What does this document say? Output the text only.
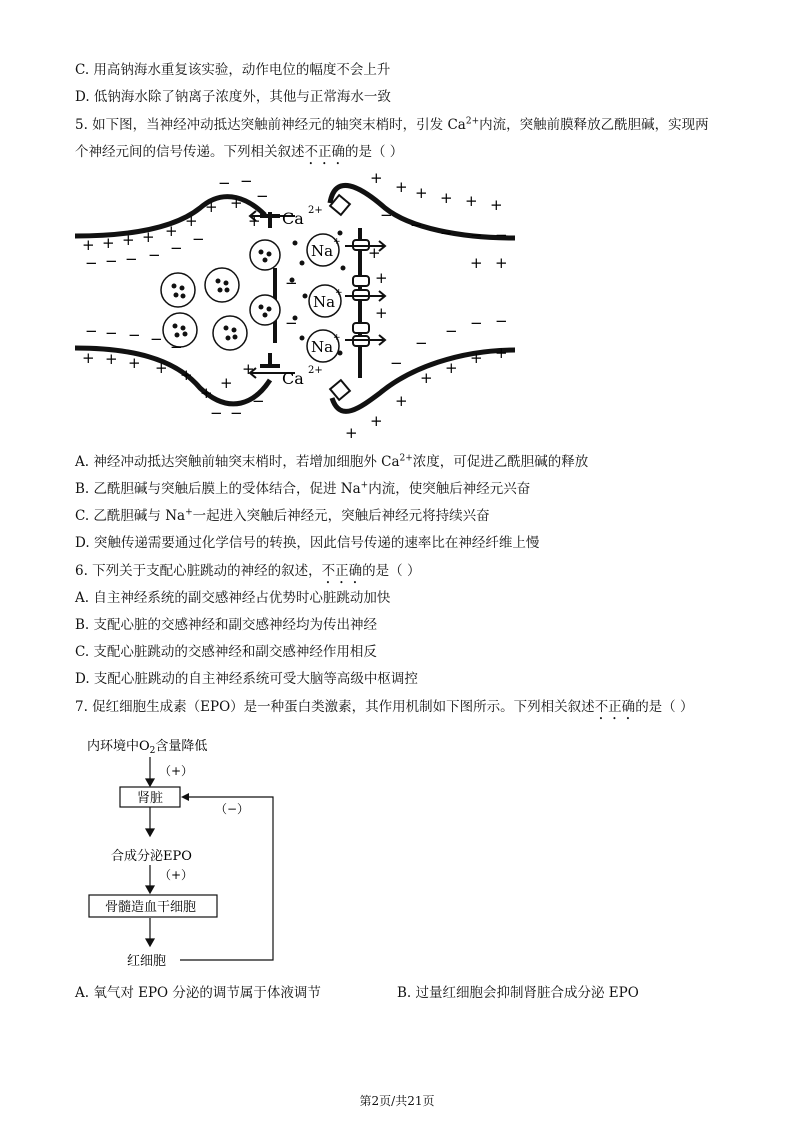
C. 用高钠海水重复该实验，动作电位的幅度不会上升
D. 低钠海水除了钠离子浓度外，其他与正常海水一致
5. 如下图，当神经冲动抵达突触前神经元的轴突末梢时，引发 $Ca^{2+}$内流，突触前膜释放乙酰胆碱，实现两
个神经元间的信号传递。下列相关叙述不正确的是（ ）
Ca 2+
Ca 2+
Na +
Na +
Na +
+ + + + +
+
+
− − − − − −
− −
−
+
+
− − − − −
+ + + + +
+
− −
−
+
+
+ + + + + +
−
− − − −
+
+
−
−
−
−
−
+
+
+
+
+
+
+
+
+
−
−
+
A. 神经冲动抵达突触前轴突末梢时，若增加细胞外 $Ca^{2+}$浓度，可促进乙酰胆碱的释放
B. 乙酰胆碱与突触后膜上的受体结合，促进 Na+内流，使突触后神经元兴奋
C. 乙酰胆碱与 Na+一起进入突触后神经元，突触后神经元将持续兴奋
D. 突触传递需要通过化学信号的转换，因此信号传递的速率比在神经纤维上慢
6. 下列关于支配心脏跳动的神经的叙述，不正确的是（ ）
A. 自主神经系统的副交感神经占优势时心脏跳动加快
B. 支配心脏的交感神经和副交感神经均为传出神经
C. 支配心脏跳动的交感神经和副交感神经作用相反
D. 支配心脏跳动的自主神经系统可受大脑等高级中枢调控
7. 促红细胞生成素（EPO）是一种蛋白类激素，其作用机制如下图所示。下列相关叙述不正确的是（ ）
内环境中$O_2$含量降低
（+）
肾脏
（−）
合成分泌EPO
（+）
骨髓造血干细胞
红细胞
A. 氧气对 EPO 分泌的调节属于体液调节	B. 过量红细胞会抑制肾脏合成分泌 EPO
第2页/共21页
